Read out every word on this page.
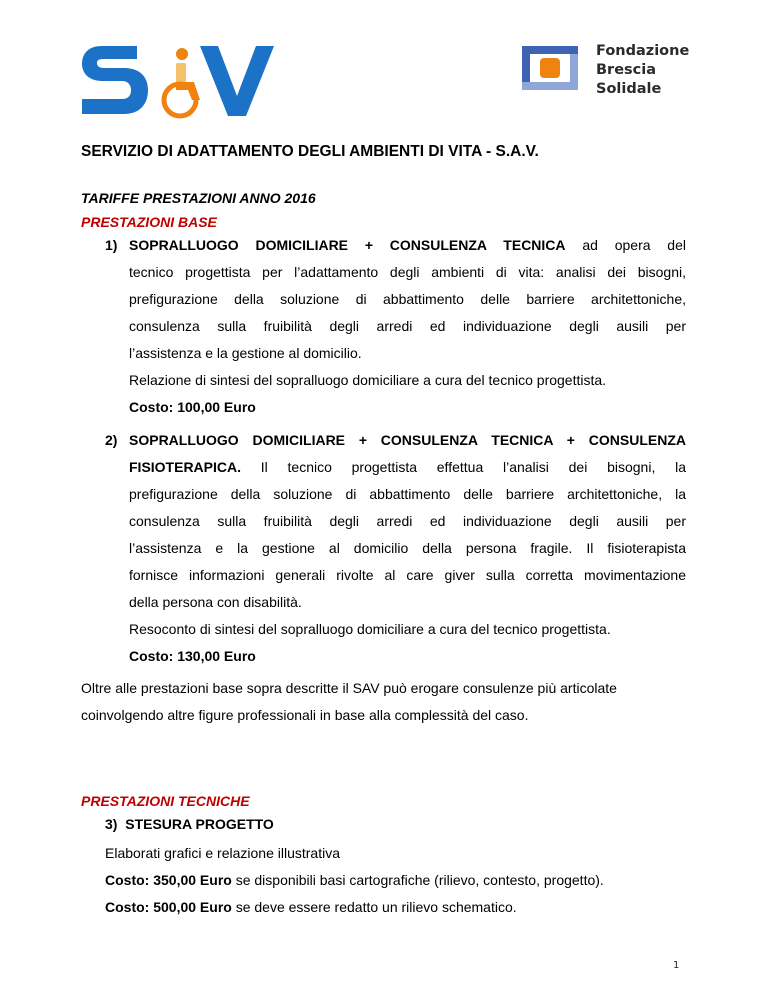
Fondazione
Brescia
Solidale
SERVIZIO DI ADATTAMENTO DEGLI AMBIENTI DI VITA - S.A.V.
TARIFFE PRESTAZIONI ANNO 2016
PRESTAZIONI BASE
1) SOPRALLUOGO DOMICILIARE + CONSULENZA TECNICA ad opera del

tecnico progettista per l’adattamento degli ambienti di vita: analisi dei bisogni,

prefigurazione della soluzione di abbattimento delle barriere architettoniche,

consulenza sulla fruibilità degli arredi ed individuazione degli ausili per

l’assistenza e la gestione al domicilio.

Relazione di sintesi del sopralluogo domiciliare a cura del tecnico progettista.

Costo: 100,00 Euro

2) SOPRALLUOGO DOMICILIARE + CONSULENZA TECNICA + CONSULENZA

FISIOTERAPICA. Il tecnico progettista effettua l’analisi dei bisogni, la

prefigurazione della soluzione di abbattimento delle barriere architettoniche, la

consulenza sulla fruibilità degli arredi ed individuazione degli ausili per

l’assistenza e la gestione al domicilio della persona fragile. Il fisioterapista

fornisce informazioni generali rivolte al care giver sulla corretta movimentazione

della persona con disabilità.

Resoconto di sintesi del sopralluogo domiciliare a cura del tecnico progettista.

Costo: 130,00 Euro

Oltre alle prestazioni base sopra descritte il SAV può erogare consulenze più articolate

coinvolgendo altre figure professionali in base alla complessità del caso.

PRESTAZIONI TECNICHE
3) STESURA PROGETTO
Elaborati grafici e relazione illustrativa
Costo: 350,00 Euro se disponibili basi cartografiche (rilievo, contesto, progetto).
Costo: 500,00 Euro se deve essere redatto un rilievo schematico.
1
